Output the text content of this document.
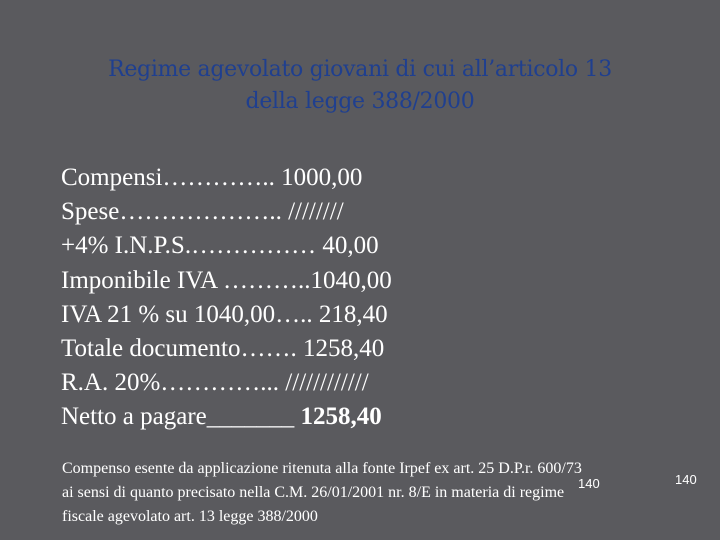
Regime agevolato giovani di cui all’articolo 13
della legge 388/2000
Compensi………….. 1000,00
Spese……………….. ////////
+4% I.N.P.S.…………… 40,00
Imponibile IVA ………..1040,00
IVA 21 % su 1040,00….. 218,40
Totale documento……. 1258,40
R.A. 20%…………... ////////////
Netto a pagare_______ 1258,40
Compenso esente da applicazione ritenuta alla fonte Irpef ex art. 25 D.P.r. 600/73
ai sensi di quanto precisato nella C.M. 26/01/2001 nr. 8/E in materia di regime
fiscale agevolato art. 13 legge 388/2000
140	140
